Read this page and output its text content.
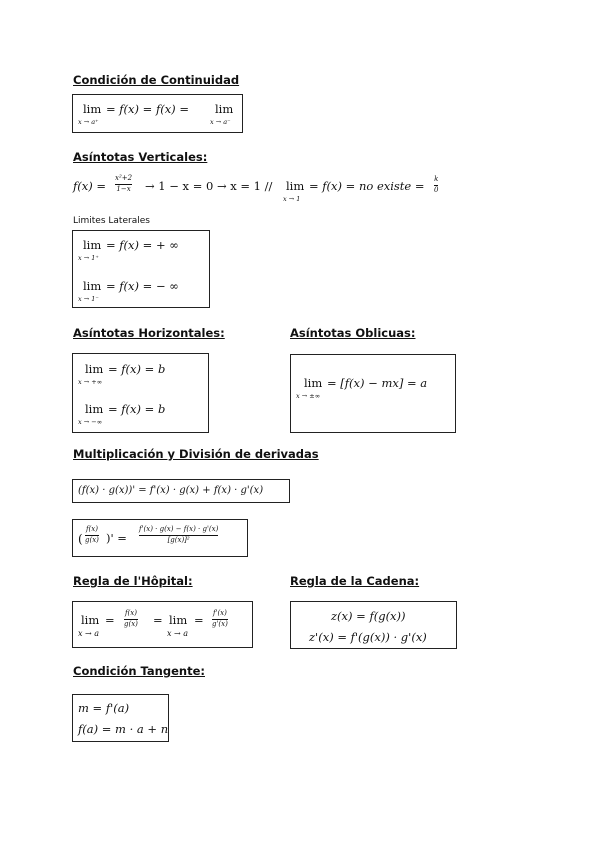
Condición de Continuidad
lim
x → a⁺
= f(x) = f(x) = lim
x → a⁻
Asíntotas Verticales:
f(x) =
x²+2
1−x → 1 − x = 0 → x = 1 // lim
x → 1
= f(x) = no existe = k
0
Limites Laterales
lim
x → 1⁺
= f(x) = + ∞
lim
x → 1⁻
= f(x) = − ∞
Asíntotas Horizontales:
lim
x → +∞
= f(x) = b
lim
x → −∞
= f(x) = b
Asíntotas Oblicuas:
lim
x → ±∞
= [f(x) − mx] = a
Multiplicación y División de derivadas
(f(x) · g(x))' = f'(x) · g(x) + f(x) · g'(x)
(
f(x)
g(x) )' =
f'(x) · g(x) − f(x) · g'(x)
[g(x)]²
Regla de l'Hôpital:
lim
x → a
= f(x)
g(x) = lim
x → a
= f'(x)
g'(x)
Regla de la Cadena:
z(x) = f(g(x))
z'(x) = f'(g(x)) · g'(x)
Condición Tangente:
m = f'(a)
f(a) = m · a + n
